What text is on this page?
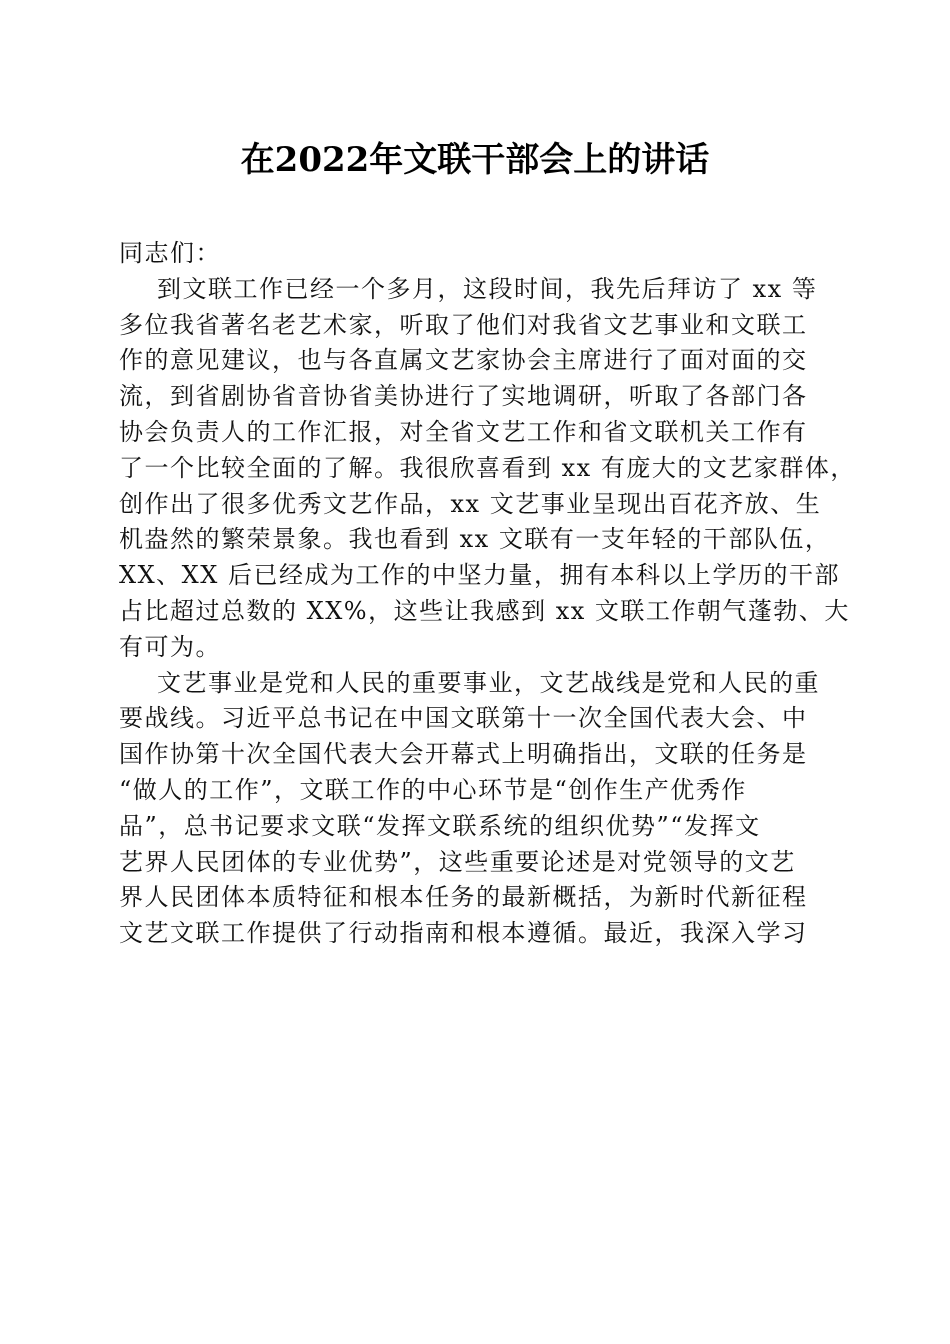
在2022年文联干部会上的讲话
同志们：
到文联工作已经一个多月，这段时间，我先后拜访了 xx 等
多位我省著名老艺术家，听取了他们对我省文艺事业和文联工
作的意见建议，也与各直属文艺家协会主席进行了面对面的交
流，到省剧协省音协省美协进行了实地调研，听取了各部门各
协会负责人的工作汇报，对全省文艺工作和省文联机关工作有
了一个比较全面的了解。我很欣喜看到 xx 有庞大的文艺家群体，
创作出了很多优秀文艺作品，xx 文艺事业呈现出百花齐放、生
机盎然的繁荣景象。我也看到 xx 文联有一支年轻的干部队伍，
XX、XX 后已经成为工作的中坚力量，拥有本科以上学历的干部
占比超过总数的 XX%，这些让我感到 xx 文联工作朝气蓬勃、大
有可为。
文艺事业是党和人民的重要事业，文艺战线是党和人民的重
要战线。习近平总书记在中国文联第十一次全国代表大会、中
国作协第十次全国代表大会开幕式上明确指出，文联的任务是
“做人的工作”，文联工作的中心环节是“创作生产优秀作
品”，总书记要求文联“发挥文联系统的组织优势”“发挥文
艺界人民团体的专业优势”，这些重要论述是对党领导的文艺
界人民团体本质特征和根本任务的最新概括，为新时代新征程
文艺文联工作提供了行动指南和根本遵循。最近，我深入学习
